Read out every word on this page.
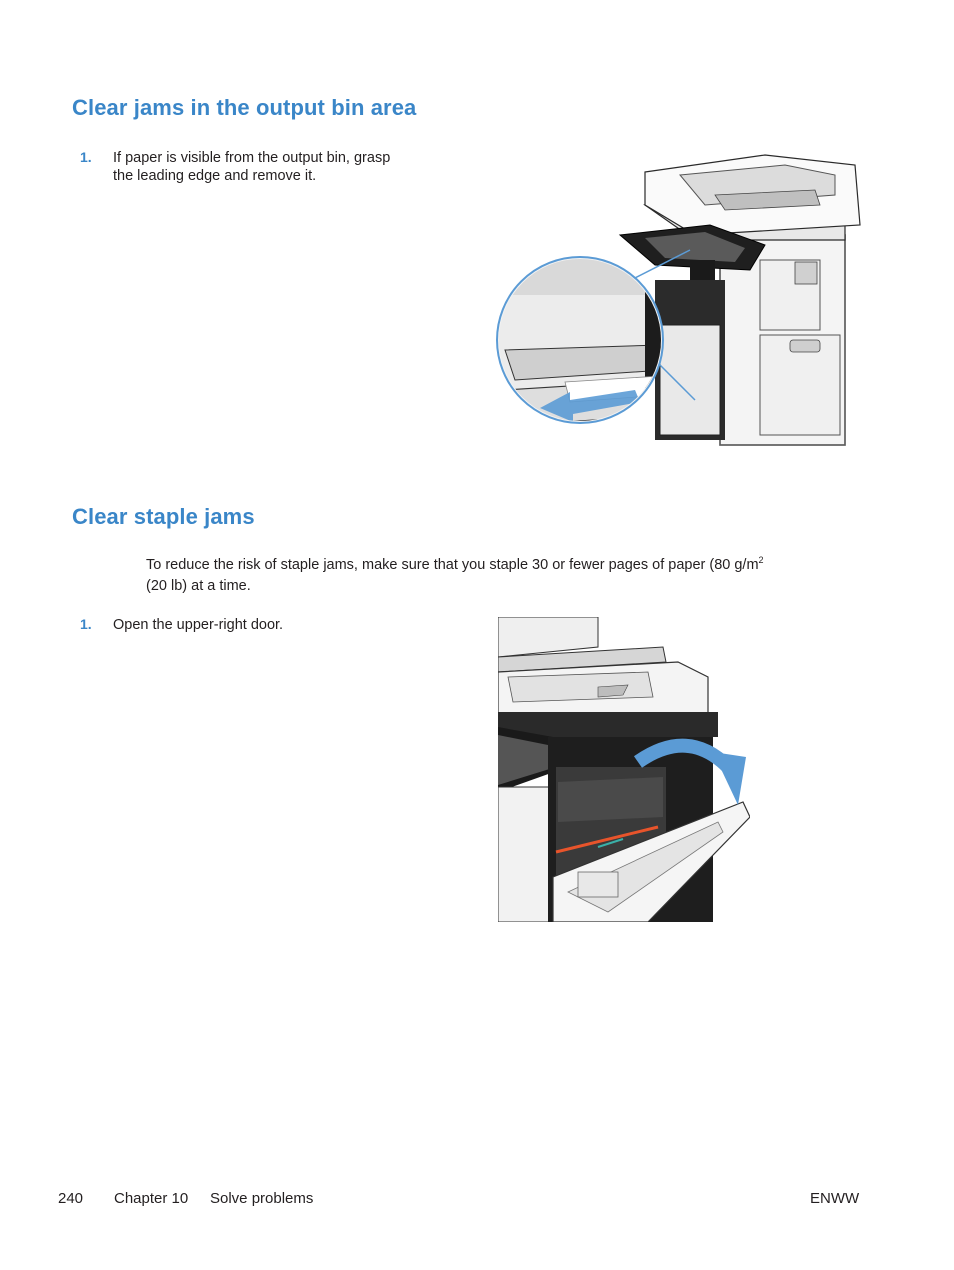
Clear jams in the output bin area
1. If paper is visible from the output bin, grasp
the leading edge and remove it.
Clear staple jams
To reduce the risk of staple jams, make sure that you staple 30 or fewer pages of paper (80 $g/m^2$
(20 lb) at a time.
1. Open the upper-right door.
240 Chapter 10 Solve problems	ENWW
